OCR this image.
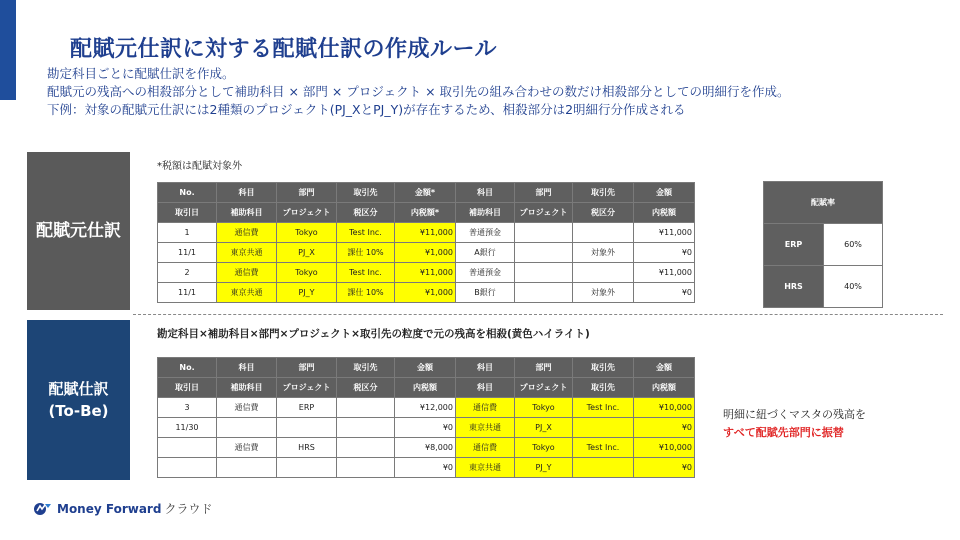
配賦元仕訳に対する配賦仕訳の作成ルール
勘定科目ごとに配賦仕訳を作成。
配賦元の残高への相殺部分として補助科目 × 部門 × プロジェクト × 取引先の組み合わせの数だけ相殺部分としての明細行を作成。
下例：対象の配賦元仕訳には2種類のプロジェクト(PJ_XとPJ_Y)が存在するため、相殺部分は2明細行分作成される
配賦元仕訳
配賦仕訳
(To-Be)
*税額は配賦対象外
No.	科目	部門	取引先	金額*	科目	部門	取引先	金額
取引日	補助科目	プロジェクト	税区分	内税額*	補助科目	プロジェクト	税区分	内税額
1	通信費	Tokyo	Test Inc.	¥11,000	普通預金			¥11,000
11/1	東京共通	PJ_X	課仕 10%	¥1,000	A銀行		対象外	¥0
2	通信費	Tokyo	Test Inc.	¥11,000	普通預金			¥11,000
11/1	東京共通	PJ_Y	課仕 10%	¥1,000	B銀行		対象外	¥0
配賦率	
ERP	60%
HRS	40%
勘定科目×補助科目×部門×プロジェクト×取引先の粒度で元の残高を相殺(黄色ハイライト)
No.	科目	部門	取引先	金額	科目	部門	取引先	金額
取引日	補助科目	プロジェクト	税区分	内税額	科目	プロジェクト	取引先	内税額
3	通信費	ERP		¥12,000	通信費	Tokyo	Test Inc.	¥10,000
11/30				¥0	東京共通	PJ_X		¥0
	通信費	HRS		¥8,000	通信費	Tokyo	Test Inc.	¥10,000
				¥0	東京共通	PJ_Y		¥0
明細に紐づくマスタの残高を
すべて配賦先部門に振替
Money Forward クラウド
